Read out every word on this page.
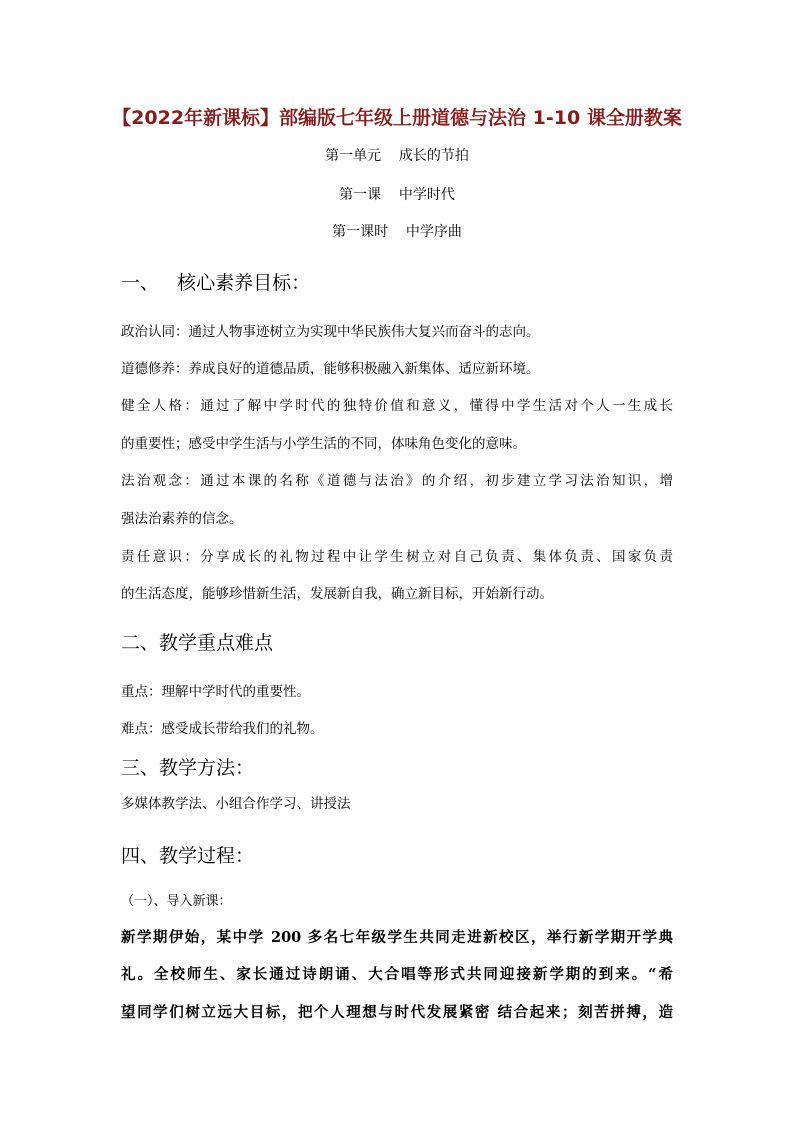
【2022年新课标】部编版七年级上册道德与法治 1-10 课全册教案
第一单元    成长的节拍
第一课    中学时代
第一课时    中学序曲
一、   核心素养目标：
政治认同：通过人物事迹树立为实现中华民族伟大复兴而奋斗的志向。
道德修养：养成良好的道德品质，能够积极融入新集体、适应新环境。
健全人格：通过了解中学时代的独特价值和意义，懂得中学生活对个人一生成长
的重要性；感受中学生活与小学生活的不同，体味角色变化的意味。
法治观念：通过本课的名称《道德与法治》的介绍，初步建立学习法治知识，增
强法治素养的信念。
责任意识：分享成长的礼物过程中让学生树立对自己负责、集体负责、国家负责
的生活态度，能够珍惜新生活，发展新自我，确立新目标，开始新行动。
二、教学重点难点
重点：理解中学时代的重要性。
难点：感受成长带给我们的礼物。
三、教学方法：
多媒体教学法、小组合作学习、讲授法
四、教学过程：
（一）、导入新课：
新学期伊始，某中学 200 多名七年级学生共同走进新校区，举行新学期开学典
礼。全校师生、家长通过诗朗诵、大合唱等形式共同迎接新学期的到来。“希
望同学们树立远大目标，把个人理想与时代发展紧密 结合起来；刻苦拼搏，造
